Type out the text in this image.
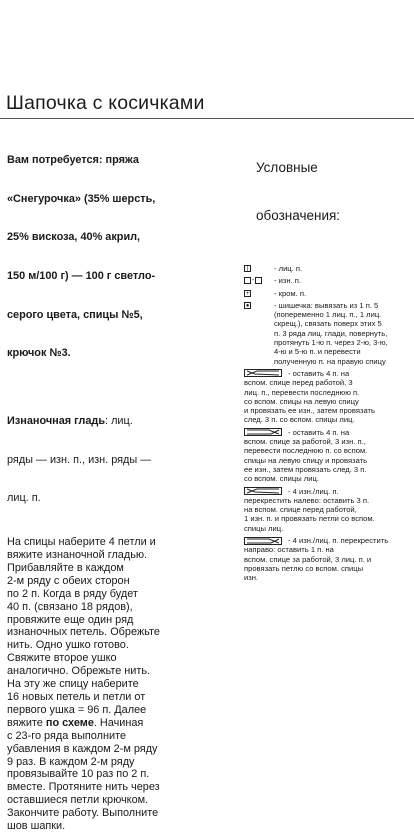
Шапочка с косичками

Вам потребуется: пряжа

«Снегурочка» (35% шерсть,

25% вискоза, 40% акрил,

150 м/100 г) — 100 г светло-

серого цвета, спицы №5,

крючок №3.

Изнаночная гладь: лиц.

ряды — изн. п., изн. ряды —

лиц. п.

На спицы наберите 4 петли и
вяжите изнаночной гладью.
Прибавляйте в каждом
2-м ряду с обеих сторон
по 2 п. Когда в ряду будет
40 п. (связано 18 рядов),
провяжите еще один ряд
изнаночных петель. Обрежьте
нить. Одно ушко готово.
Свяжите второе ушко
аналогично. Обрежьте нить.
На эту же спицу наберите
16 новых петель и петли от
первого ушка = 96 п. Далее
вяжите по схеме. Начиная
с 23-го ряда выполните
убавления в каждом 2-м ряду
9 раз. В каждом 2-м ряду
провязывайте 10 раз по 2 п.
вместе. Протяните нить через
оставшиеся петли крючком.
Закончите работу. Выполните
шов шапки.

Условные

обозначения:

|	- лиц. п.
-	- изн. п.
+	- кром. п.
●	- шишечка: вывязать из 1 п. 5
(попеременно 1 лиц. п., 1 лиц.
скрещ.), связать поверх этих 5
п. 3 ряда лиц. глади, повернуть,
протянуть 1-ю п. через 2-ю, 3-ю,
4-ю и 5-ю п. и перевести
полученную п. на правую спицу
- оставить 4 п. на
вспом. спице перед работой, 3
лиц. п., перевести последнюю п.
со вспом. спицы на левую спицу
и провязать ее изн., затем провязать
след. 3 п. со вспом. спицы лиц.
- оставить 4 п. на
вспом. спице за работой, 3 изн. п.,
перевести последнюю п. со вспом.
спицы на левую спицу и провязать
ее изн., затем провязать след. 3 п.
со вспом. спицы лиц.
- 4 изн./лиц. п.
перекрестить налево: оставить 3 п.
на вспом. спице перед работой,
1 изн. п. и провязать петли со вспом.
спицы лиц.
- 4 изн./лиц. п. перекрестить
направо: оставить 1 п. на
вспом. спице за работой, 3 лиц. п. и
провязать петлю со вспом. спицы
изн.
